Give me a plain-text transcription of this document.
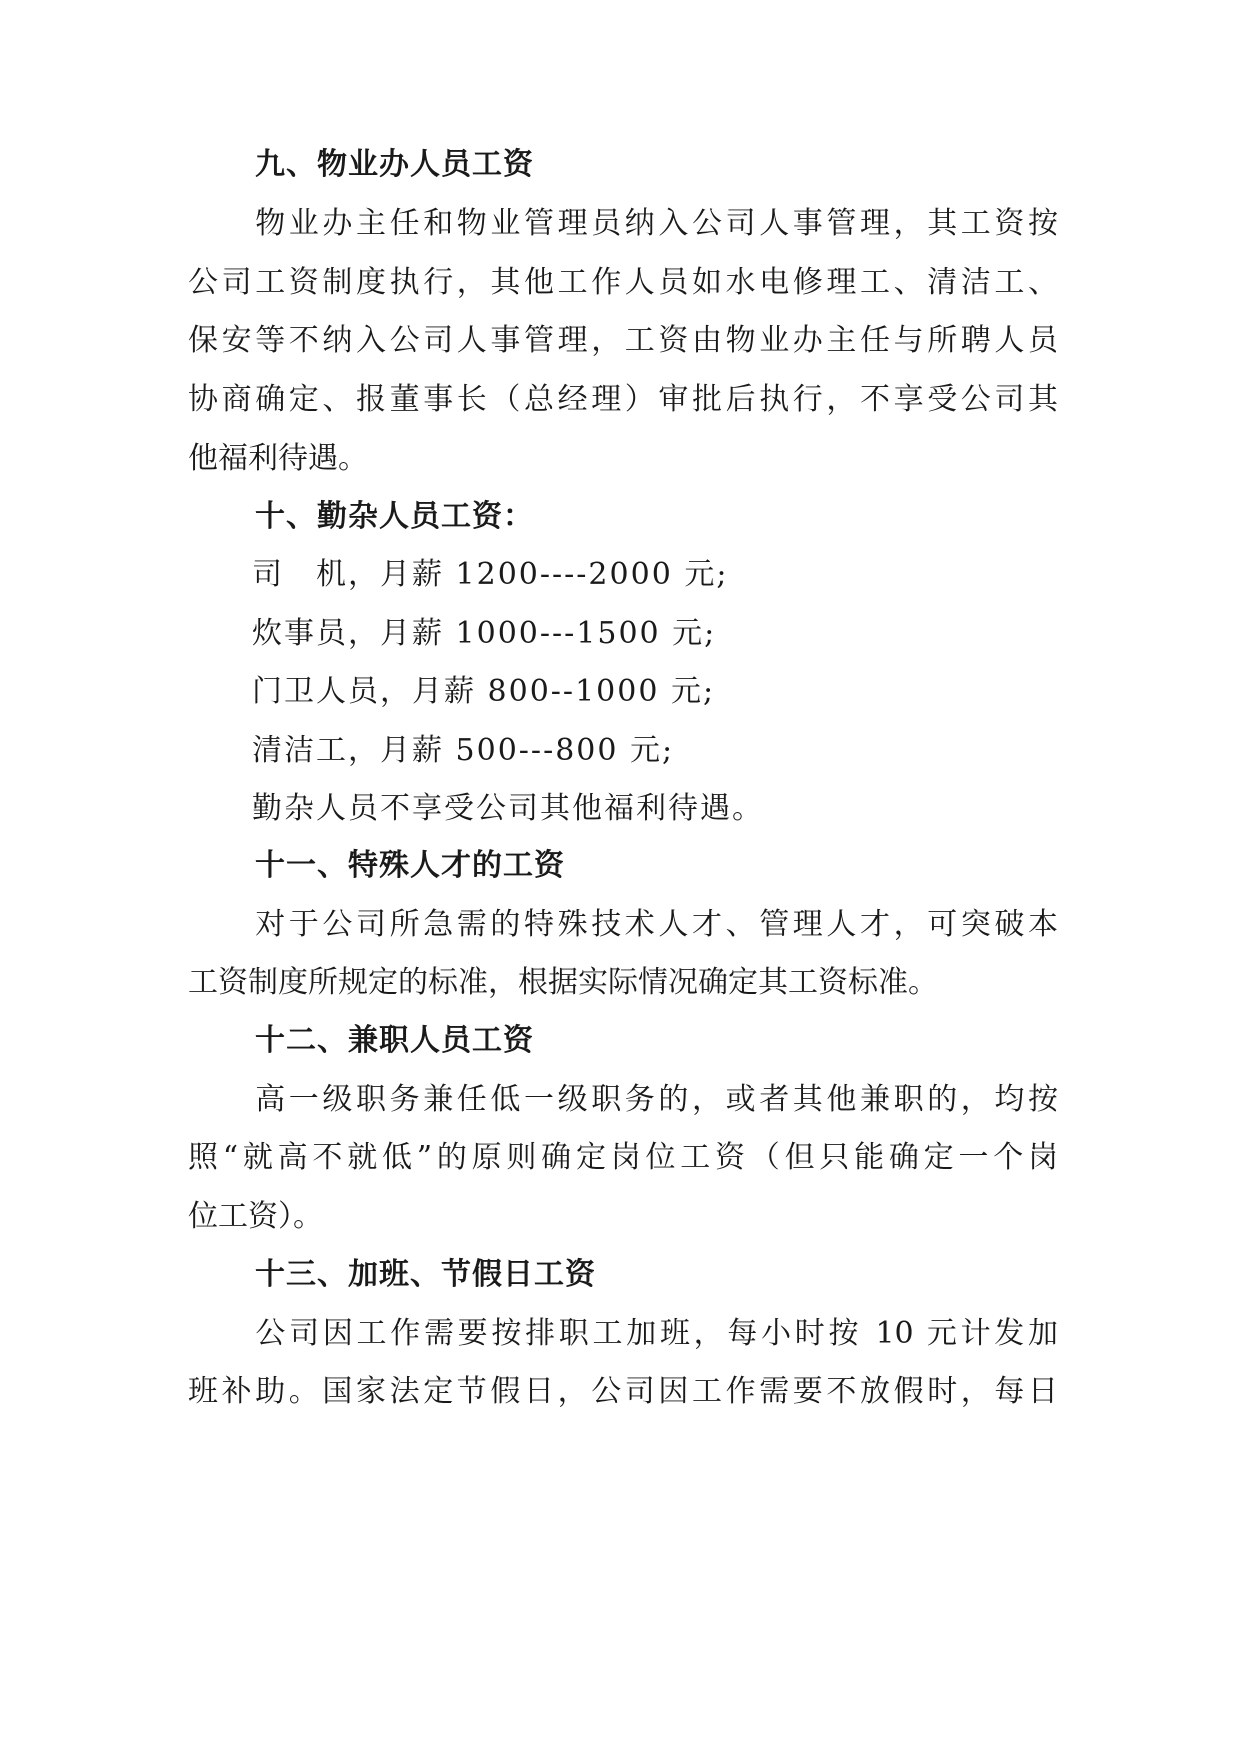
九、物业办人员工资
　　物业办主任和物业管理员纳入公司人事管理，其工资按
公司工资制度执行，其他工作人员如水电修理工、清洁工、
保安等不纳入公司人事管理，工资由物业办主任与所聘人员
协商确定、报董事长（总经理）审批后执行，不享受公司其
他福利待遇。
十、勤杂人员工资：
司　机，月薪 1200----2000 元;
炊事员，月薪 1000---1500 元;
门卫人员，月薪 800--1000 元;
清洁工，月薪 500---800 元;
勤杂人员不享受公司其他福利待遇。
十一、特殊人才的工资
　　对于公司所急需的特殊技术人才、管理人才，可突破本
工资制度所规定的标准，根据实际情况确定其工资标准。
十二、兼职人员工资
　　高一级职务兼任低一级职务的，或者其他兼职的，均按
照“就高不就低”的原则确定岗位工资（但只能确定一个岗
位工资）。
十三、加班、节假日工资
　　公司因工作需要按排职工加班，每小时按 10 元计发加
班补助。国家法定节假日，公司因工作需要不放假时，每日
